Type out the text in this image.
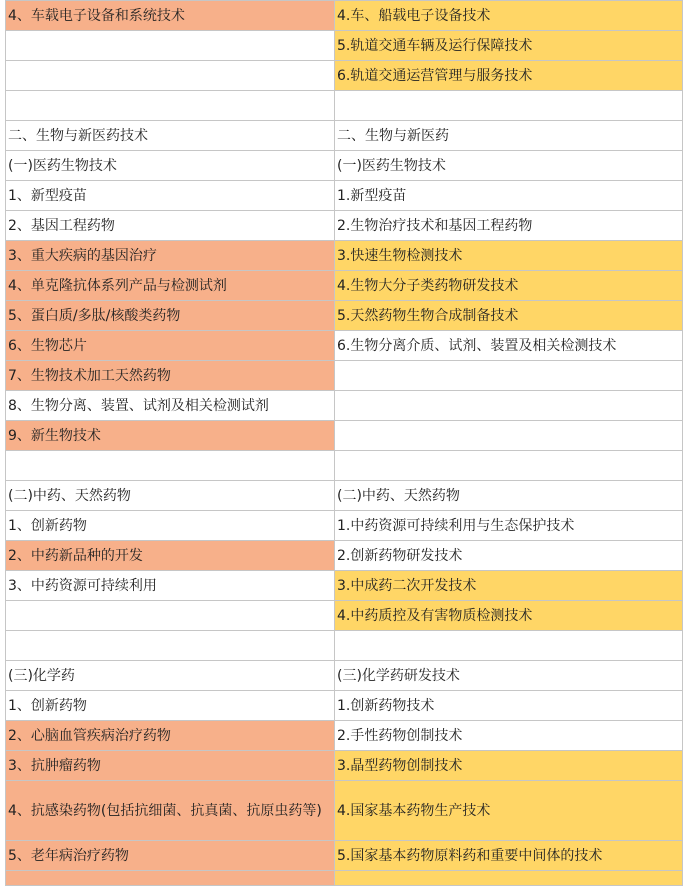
4、车载电子设备和系统技术	4.车、船载电子设备技术
	5.轨道交通车辆及运行保障技术
	6.轨道交通运营管理与服务技术

二、生物与新医药技术	二、生物与新医药
(一)医药生物技术	(一)医药生物技术
1、新型疫苗	1.新型疫苗
2、基因工程药物	2.生物治疗技术和基因工程药物
3、重大疾病的基因治疗	3.快速生物检测技术
4、单克隆抗体系列产品与检测试剂	4.生物大分子类药物研发技术
5、蛋白质/多肽/核酸类药物	5.天然药物生物合成制备技术
6、生物芯片	6.生物分离介质、试剂、装置及相关检测技术
7、生物技术加工天然药物	
8、生物分离、装置、试剂及相关检测试剂	
9、新生物技术	

(二)中药、天然药物	(二)中药、天然药物
1、创新药物	1.中药资源可持续利用与生态保护技术
2、中药新品种的开发	2.创新药物研发技术
3、中药资源可持续利用	3.中成药二次开发技术
	4.中药质控及有害物质检测技术

(三)化学药	(三)化学药研发技术
1、创新药物	1.创新药物技术
2、心脑血管疾病治疗药物	2.手性药物创制技术
3、抗肿瘤药物	3.晶型药物创制技术
4、抗感染药物(包括抗细菌、抗真菌、抗原虫药等)	4.国家基本药物生产技术
5、老年病治疗药物	5.国家基本药物原料药和重要中间体的技术
